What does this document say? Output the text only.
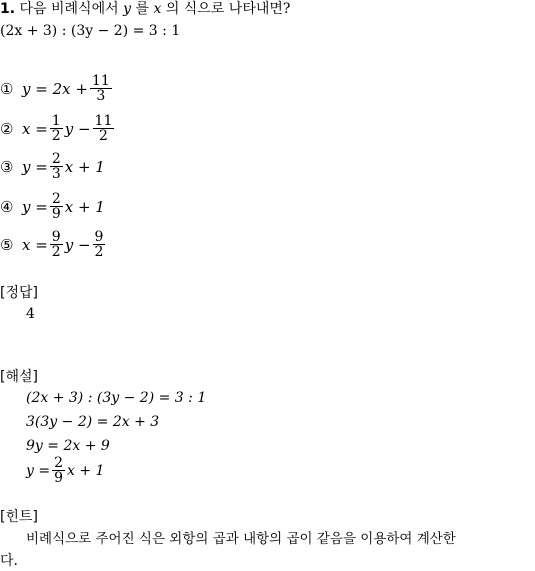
1. 다음 비례식에서 y 를 x 의 식으로 나타내면?
(2x + 3) : (3y − 2) = 3 : 1
① $y = 2x + \frac{11}{3}$
② $x = \frac{1}{2}$ $y - \frac{11}{2}$
③ $y = \frac{2}{3}$ x + 1
④ $y = \frac{2}{9}$ x + 1
⑤ $x = \frac{9}{2}$ $y - \frac{9}{2}$
[정답]
4
[해설]
(2x + 3) : (3y − 2) = 3 : 1
3(3y − 2) = 2x + 3
9y = 2x + 9
$y = \frac{2}{9}$ x + 1
[힌트]
비례식으로 주어진 식은 외항의 곱과 내항의 곱이 같음을 이용하여 계산한
다.
